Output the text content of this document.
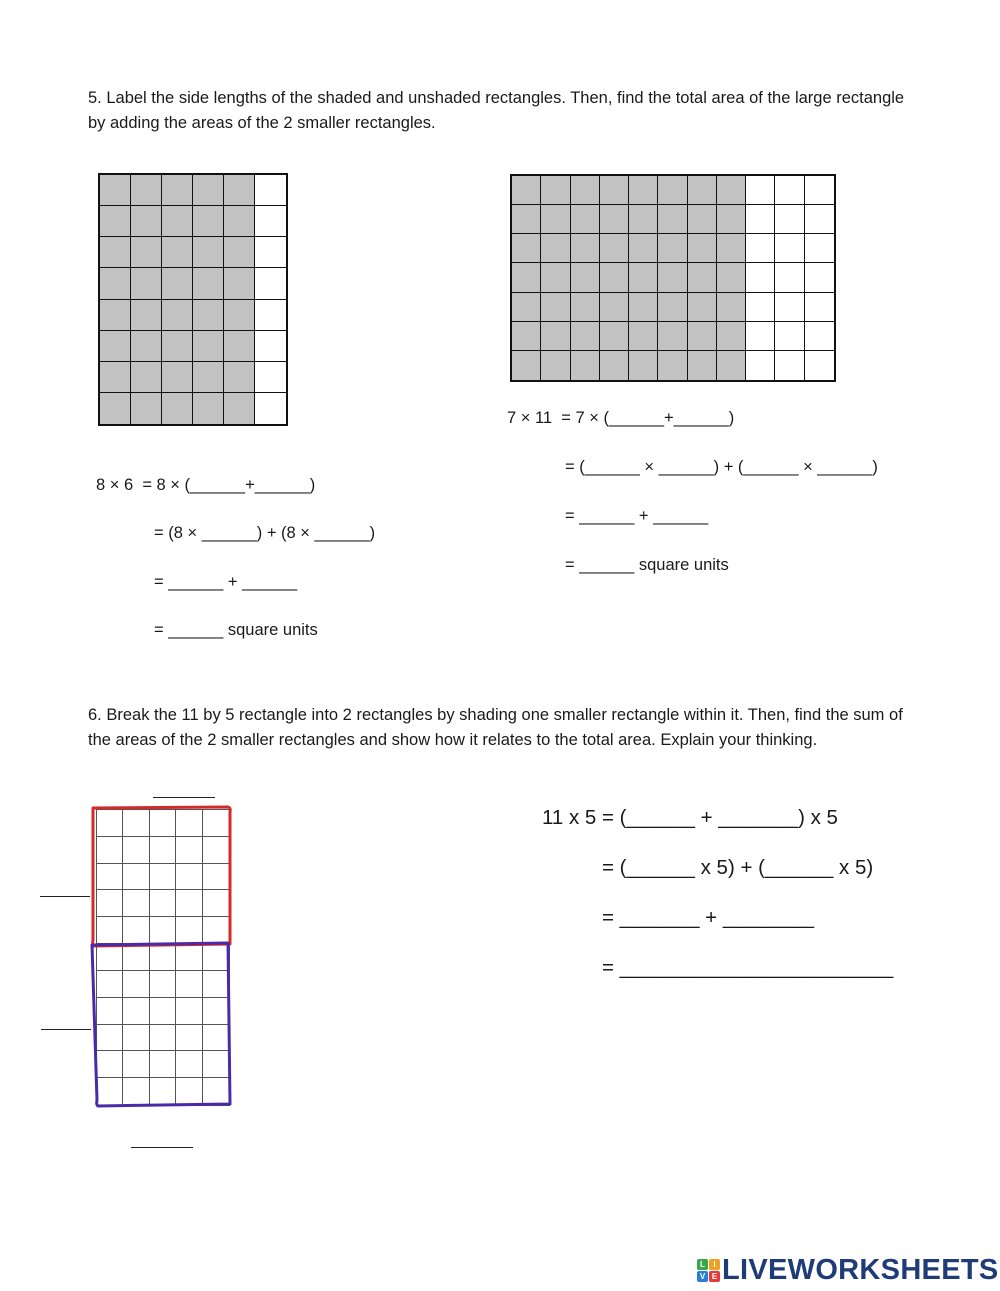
5. Label the side lengths of the shaded and unshaded rectangles. Then, find the total area of the large rectangle by adding the areas of the 2 smaller rectangles.
8 × 6  = 8 × (______+______)
= (8 × ______) + (8 × ______)
= ______ + ______
= ______ square units
7 × 11  = 7 × (______+______)
= (______ × ______) + (______ × ______)
= ______ + ______
= ______ square units
6. Break the 11 by 5 rectangle into 2 rectangles by shading one smaller rectangle within it. Then, find the sum of the areas of the 2 smaller rectangles and show how it relates to the total area. Explain your thinking.
11 x 5 = (______ + _______) x 5
= (______ x 5) + (______ x 5)
= _______ + ________
= ________________________
L	I
V E LIVEWORKSHEETS
